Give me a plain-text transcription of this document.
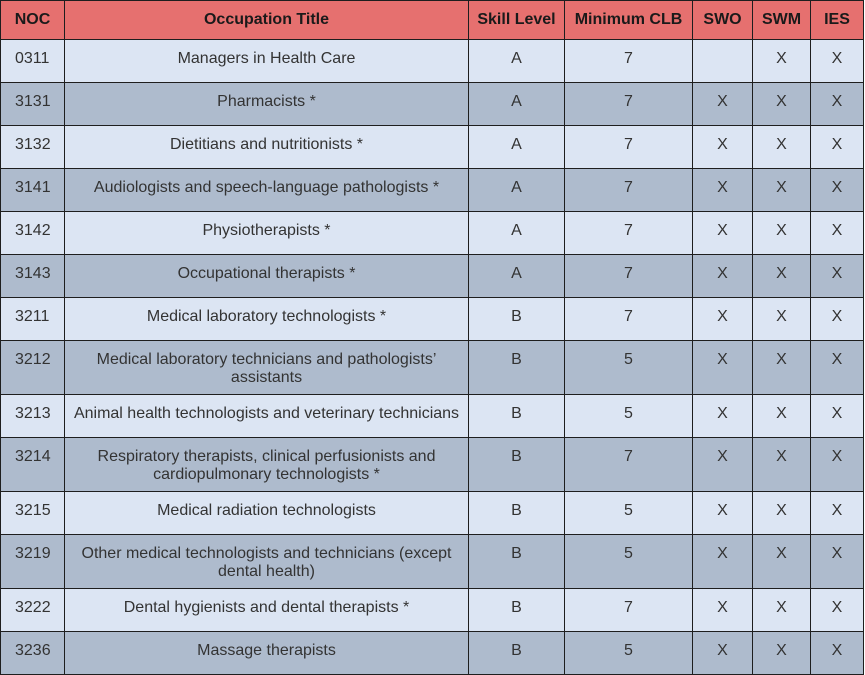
NOC	Occupation Title	Skill Level	Minimum CLB	SWO	SWM	IES

0311	Managers in Health Care	A	7		X	X

3131	Pharmacists *	A	7	X	X	X

3132	Dietitians and nutritionists *	A	7	X	X	X

3141	Audiologists and speech-language pathologists *	A	7	X	X	X

3142	Physiotherapists *	A	7	X	X	X

3143	Occupational therapists *	A	7	X	X	X

3211	Medical laboratory technologists *	B	7	X	X	X

3212	Medical laboratory technicians and pathologists’ assistants	B	5	X	X	X

3213	Animal health technologists and veterinary technicians	B	5	X	X	X

3214	Respiratory therapists, clinical perfusionists and cardiopulmonary technologists *	B	7	X	X	X

3215	Medical radiation technologists	B	5	X	X	X

3219	Other medical technologists and technicians (except dental health)	B	5	X	X	X

3222	Dental hygienists and dental therapists *	B	7	X	X	X

3236	Massage therapists	B	5	X	X	X
